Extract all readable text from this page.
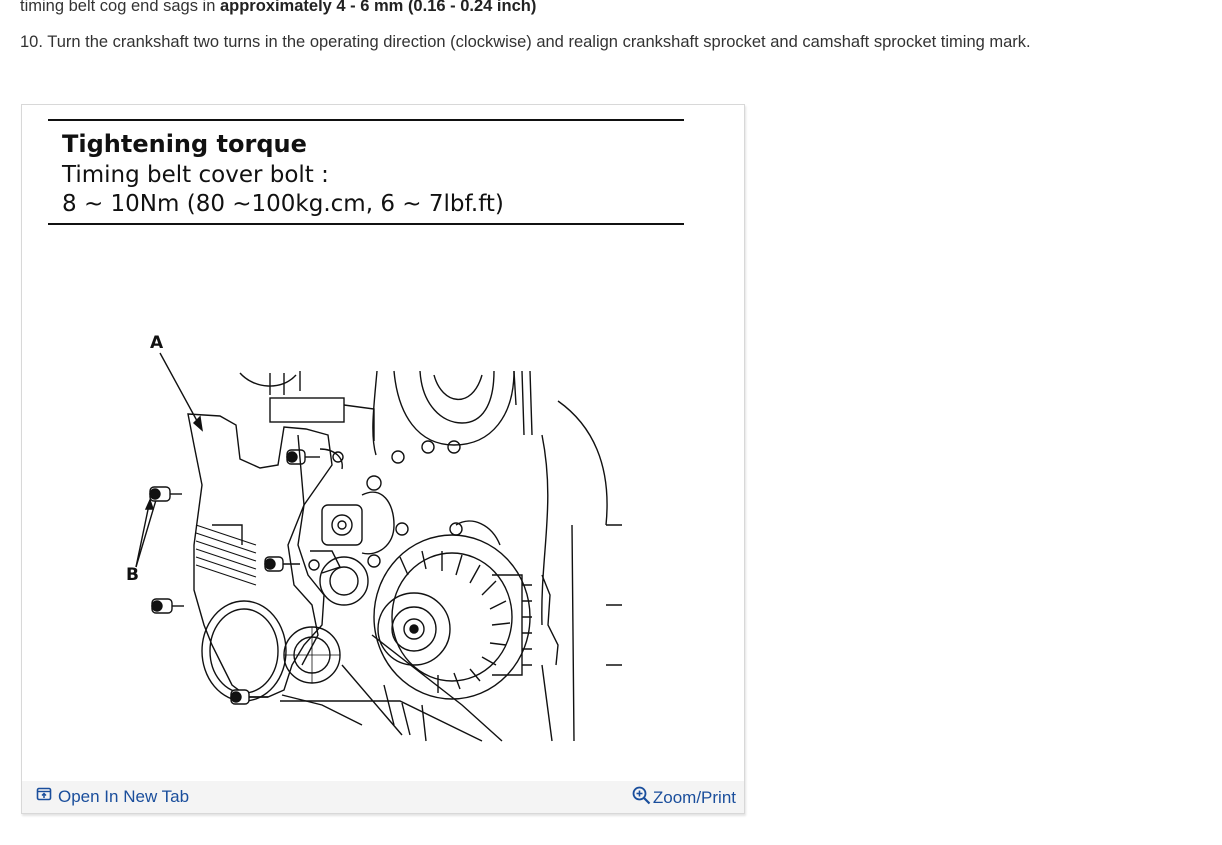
timing belt cog end sags in approximately 4 - 6 mm (0.16 - 0.24 inch)
10. Turn the crankshaft two turns in the operating direction (clockwise) and realign crankshaft sprocket and camshaft sprocket timing mark.
Tightening torque
Timing belt cover bolt :
8 ~ 10Nm (80 ~100kg.cm, 6 ~ 7lbf.ft)
A
B
Open In New Tab	Zoom/Print
